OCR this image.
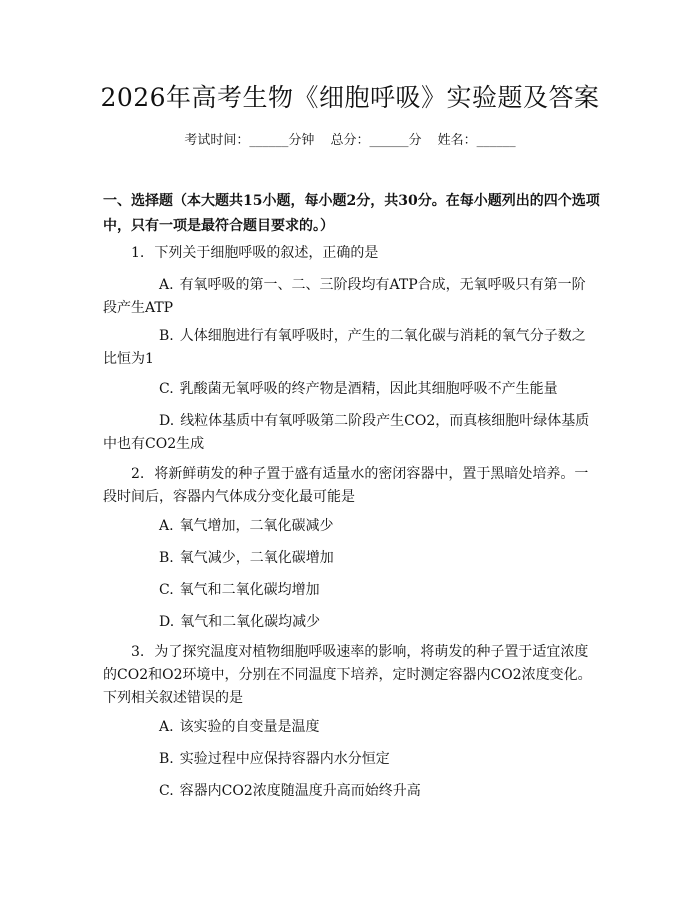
2026年高考生物《细胞呼吸》实验题及答案
考试时间：______分钟 总分：______分 姓名：______
一、选择题（本大题共15小题，每小题2分，共30分。在每小题列出的四个选项中，只有一项是最符合题目要求的。）
1. 下列关于细胞呼吸的叙述，正确的是
A. 有氧呼吸的第一、二、三阶段均有ATP合成，无氧呼吸只有第一阶段产生ATP
B. 人体细胞进行有氧呼吸时，产生的二氧化碳与消耗的氧气分子数之比恒为1
C. 乳酸菌无氧呼吸的终产物是酒精，因此其细胞呼吸不产生能量
D. 线粒体基质中有氧呼吸第二阶段产生CO2，而真核细胞叶绿体基质中也有CO2生成
2. 将新鲜萌发的种子置于盛有适量水的密闭容器中，置于黑暗处培养。一段时间后，容器内气体成分变化最可能是
A. 氧气增加，二氧化碳减少
B. 氧气减少，二氧化碳增加
C. 氧气和二氧化碳均增加
D. 氧气和二氧化碳均减少
3. 为了探究温度对植物细胞呼吸速率的影响，将萌发的种子置于适宜浓度的CO2和O2环境中，分别在不同温度下培养，定时测定容器内CO2浓度变化。下列相关叙述错误的是
A. 该实验的自变量是温度
B. 实验过程中应保持容器内水分恒定
C. 容器内CO2浓度随温度升高而始终升高
